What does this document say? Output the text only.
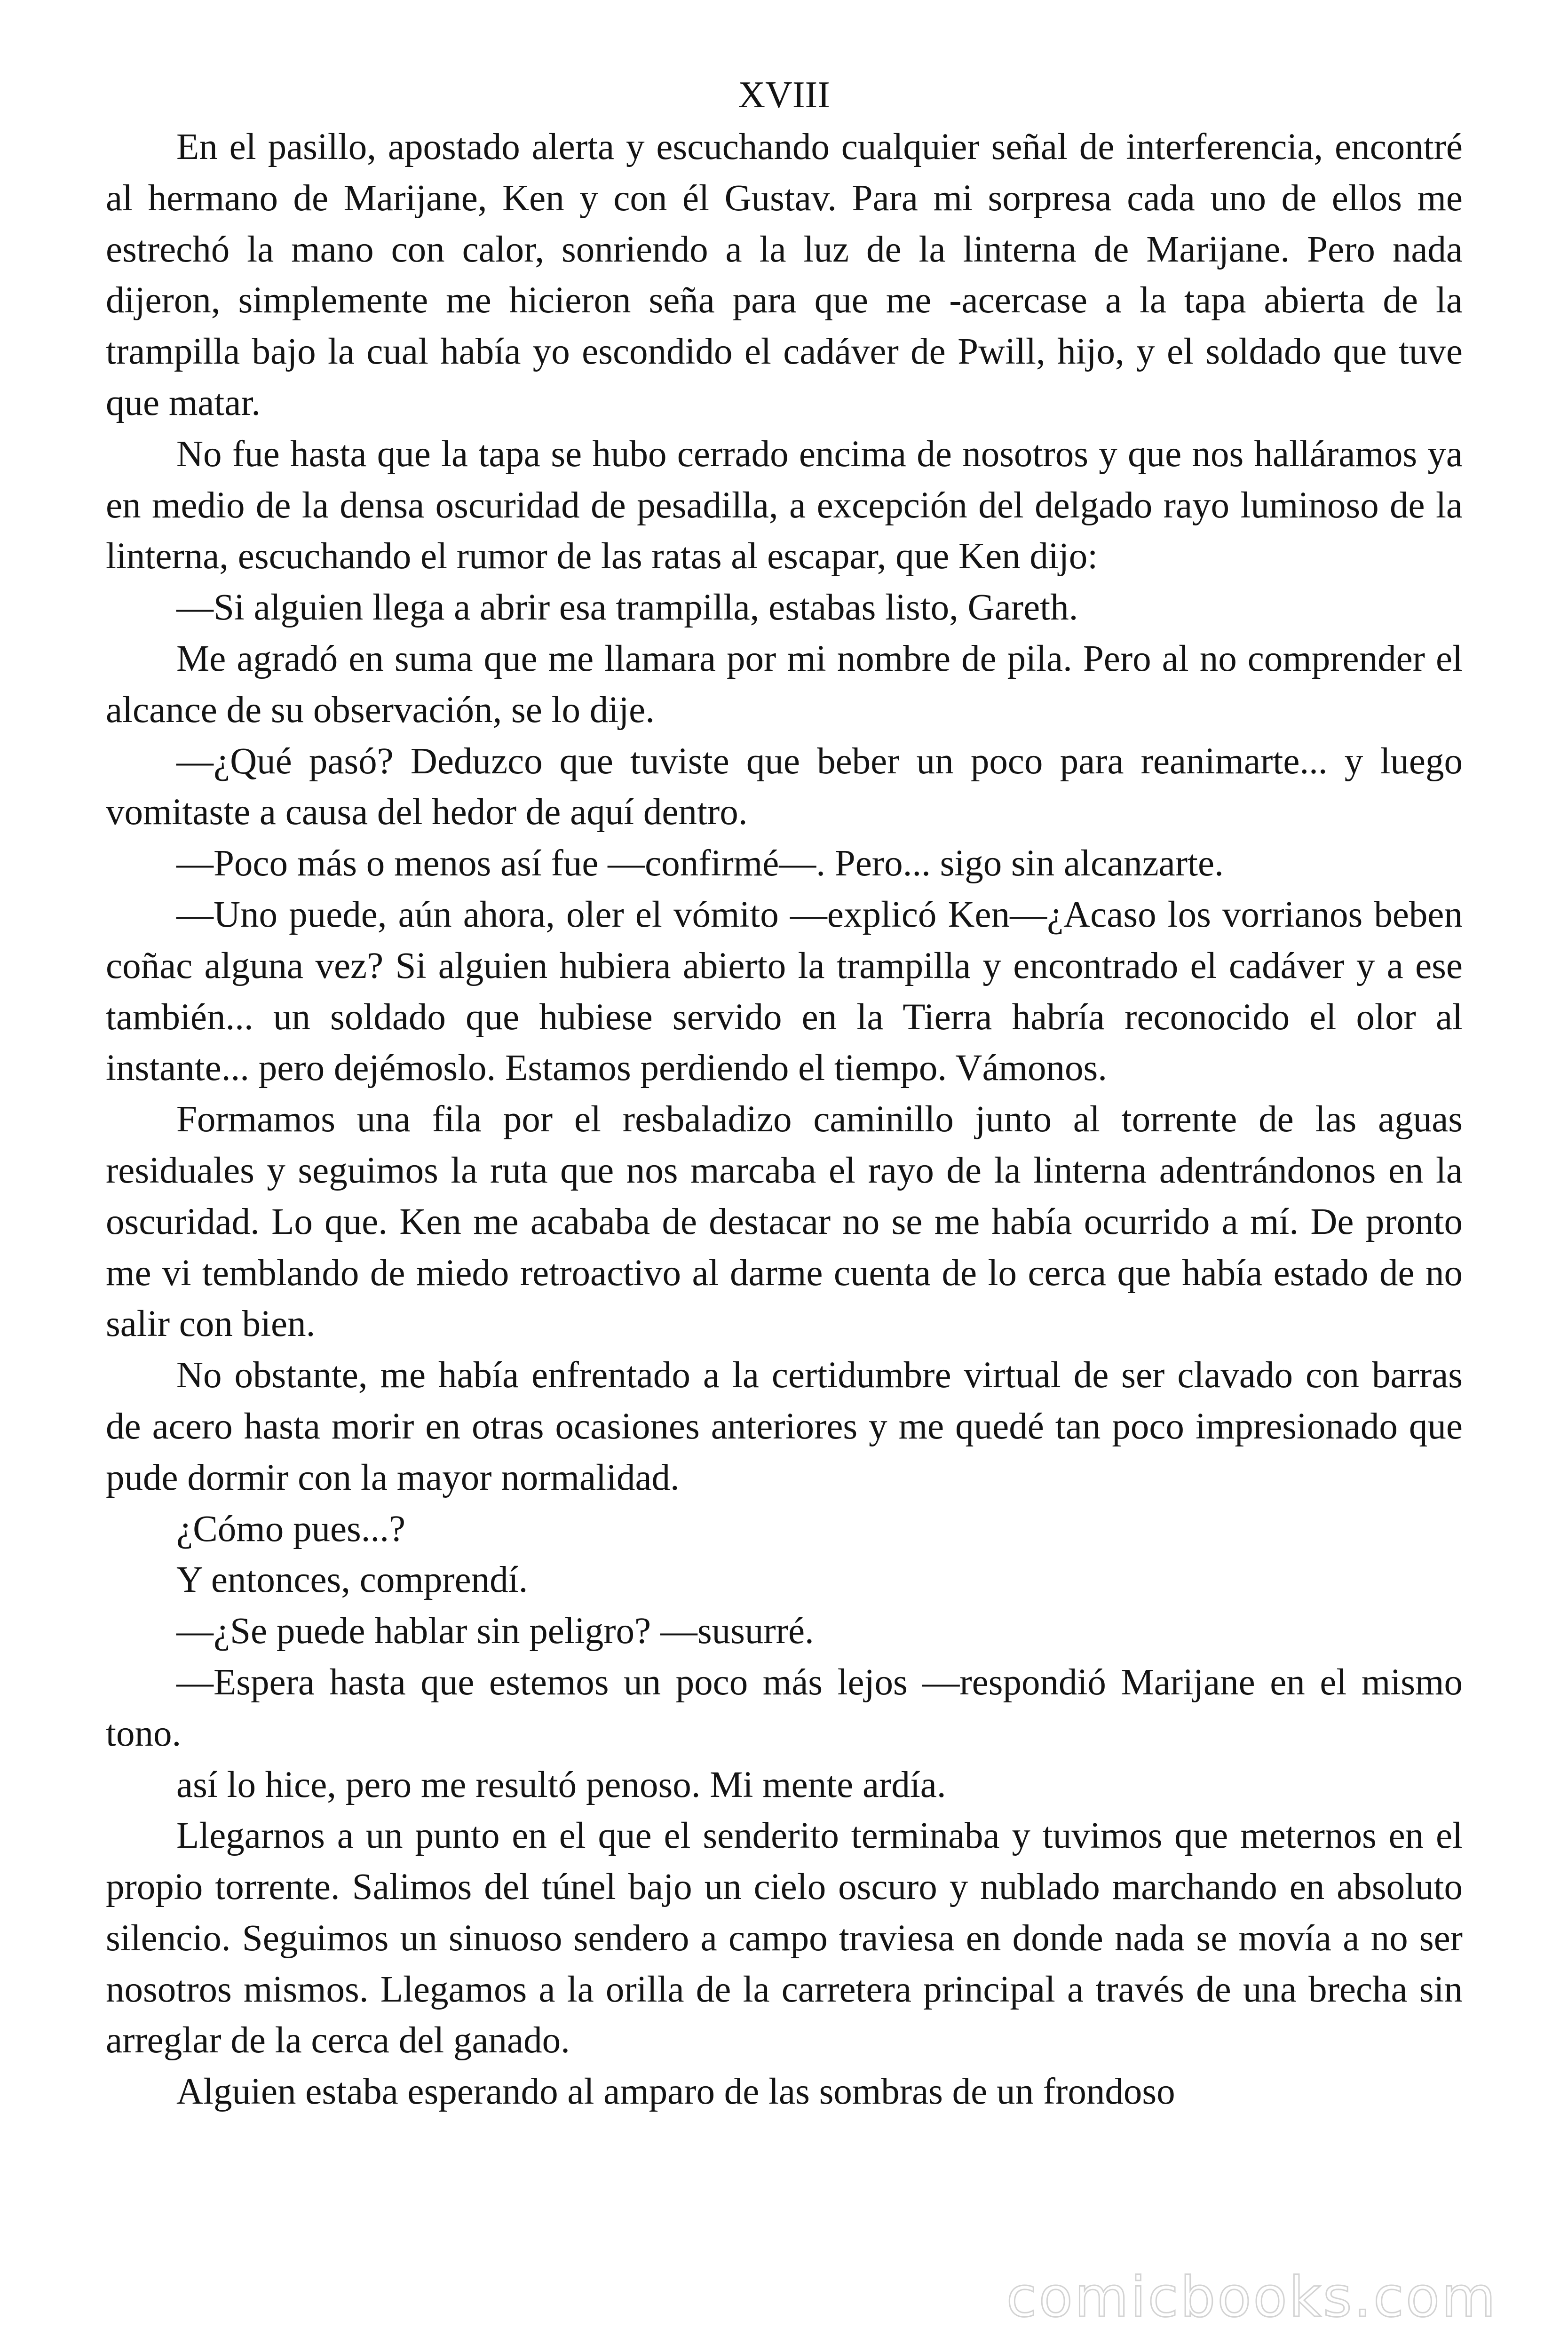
XVIII

En el pasillo, apostado alerta y escuchando cualquier señal de interferencia, encontré al hermano de Marijane, Ken y con él Gustav. Para mi sorpresa cada uno de ellos me estrechó la mano con calor, sonriendo a la luz de la linterna de Marijane. Pero nada dijeron, simplemente me hicieron seña para que me -acercase a la tapa abierta de la trampilla bajo la cual había yo escondido el cadáver de Pwill, hijo, y el soldado que tuve que matar.

No fue hasta que la tapa se hubo cerrado encima de nosotros y que nos halláramos ya en medio de la densa oscuridad de pesadilla, a excepción del delgado rayo luminoso de la linterna, escuchando el rumor de las ratas al escapar, que Ken dijo:

—Si alguien llega a abrir esa trampilla, estabas listo, Gareth.

Me agradó en suma que me llamara por mi nombre de pila. Pero al no comprender el alcance de su observación, se lo dije.

—¿Qué pasó? Deduzco que tuviste que beber un poco para reanimarte... y luego vomitaste a causa del hedor de aquí dentro.

—Poco más o menos así fue —confirmé—. Pero... sigo sin alcanzarte.

—Uno puede, aún ahora, oler el vómito —explicó Ken—¿Acaso los vorrianos beben coñac alguna vez? Si alguien hubiera abierto la trampilla y encontrado el cadáver y a ese también... un soldado que hubiese servido en la Tierra habría reconocido el olor al instante... pero dejémoslo. Estamos perdiendo el tiempo. Vámonos.

Formamos una fila por el resbaladizo caminillo junto al torrente de las aguas residuales y seguimos la ruta que nos marcaba el rayo de la linterna adentrándonos en la oscuridad. Lo que. Ken me acababa de destacar no se me había ocurrido a mí. De pronto me vi temblando de miedo retroactivo al darme cuenta de lo cerca que había estado de no salir con bien.

No obstante, me había enfrentado a la certidumbre virtual de ser clavado con barras de acero hasta morir en otras ocasiones anteriores y me quedé tan poco impresionado que pude dormir con la mayor normalidad.

¿Cómo pues...?

Y entonces, comprendí.

—¿Se puede hablar sin peligro? —susurré.

—Espera hasta que estemos un poco más lejos —respondió Marijane en el mismo tono.

así lo hice, pero me resultó penoso. Mi mente ardía.

Llegarnos a un punto en el que el senderito terminaba y tuvimos que meternos en el propio torrente. Salimos del túnel bajo un cielo oscuro y nublado marchando en absoluto silencio. Seguimos un sinuoso sendero a campo traviesa en donde nada se movía a no ser nosotros mismos. Llegamos a la orilla de la carretera principal a través de una brecha sin arreglar de la cerca del ganado.

Alguien estaba esperando al amparo de las sombras de un frondoso

comicbooks.com
